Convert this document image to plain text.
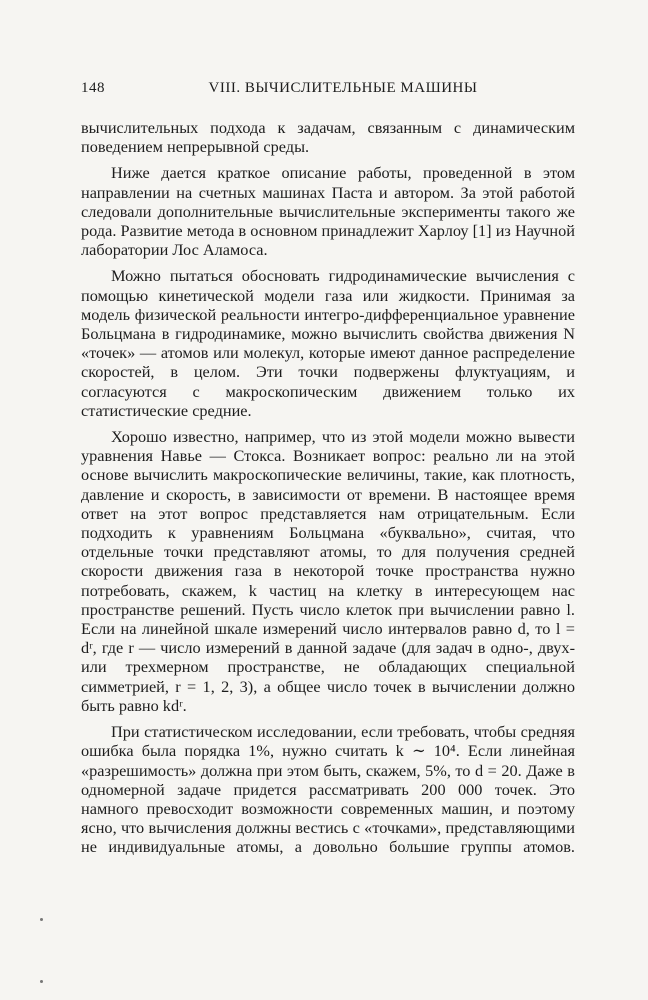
148	VIII. ВЫЧИСЛИТЕЛЬНЫЕ МАШИНЫ

вычислительных подхода к задачам, связанным с динамическим поведением непрерывной среды.

Ниже дается краткое описание работы, проведенной в этом направлении на счетных машинах Паста и автором. За этой работой следовали дополнительные вычислительные эксперименты такого же рода. Развитие метода в основном принадлежит Харлоу [1] из Научной лаборатории Лос Аламоса.

Можно пытаться обосновать гидродинамические вычисления с помощью кинетической модели газа или жидкости. Принимая за модель физической реальности интегро-дифференциальное уравнение Больцмана в гидродинамике, можно вычислить свойства движения N «точек» — атомов или молекул, которые имеют данное распределение скоростей, в целом. Эти точки подвержены флуктуациям, и согласуются с макроскопическим движением только их статистические средние.

Хорошо известно, например, что из этой модели можно вывести уравнения Навье — Стокса. Возникает вопрос: реально ли на этой основе вычислить макроскопические величины, такие, как плотность, давление и скорость, в зависимости от времени. В настоящее время ответ на этот вопрос представляется нам отрицательным. Если подходить к уравнениям Больцмана «буквально», считая, что отдельные точки представляют атомы, то для получения средней скорости движения газа в некоторой точке пространства нужно потребовать, скажем, k частиц на клетку в интересующем нас пространстве решений. Пусть число клеток при вычислении равно l. Если на линейной шкале измерений число интервалов равно d, то l = dʳ, где r — число измерений в данной задаче (для задач в одно-, двух- или трехмерном пространстве, не обладающих специальной симметрией, r = 1, 2, 3), а общее число точек в вычислении должно быть равно kdʳ.

При статистическом исследовании, если требовать, чтобы средняя ошибка была порядка 1%, нужно считать k ∼ 10⁴. Если линейная «разрешимость» должна при этом быть, скажем, 5%, то d = 20. Даже в одномерной задаче придется рассматривать 200 000 точек. Это намного превосходит возможности современных машин, и поэтому ясно, что вычисления должны вестись с «точками», представляющими не индивидуальные атомы, а довольно большие группы атомов.
